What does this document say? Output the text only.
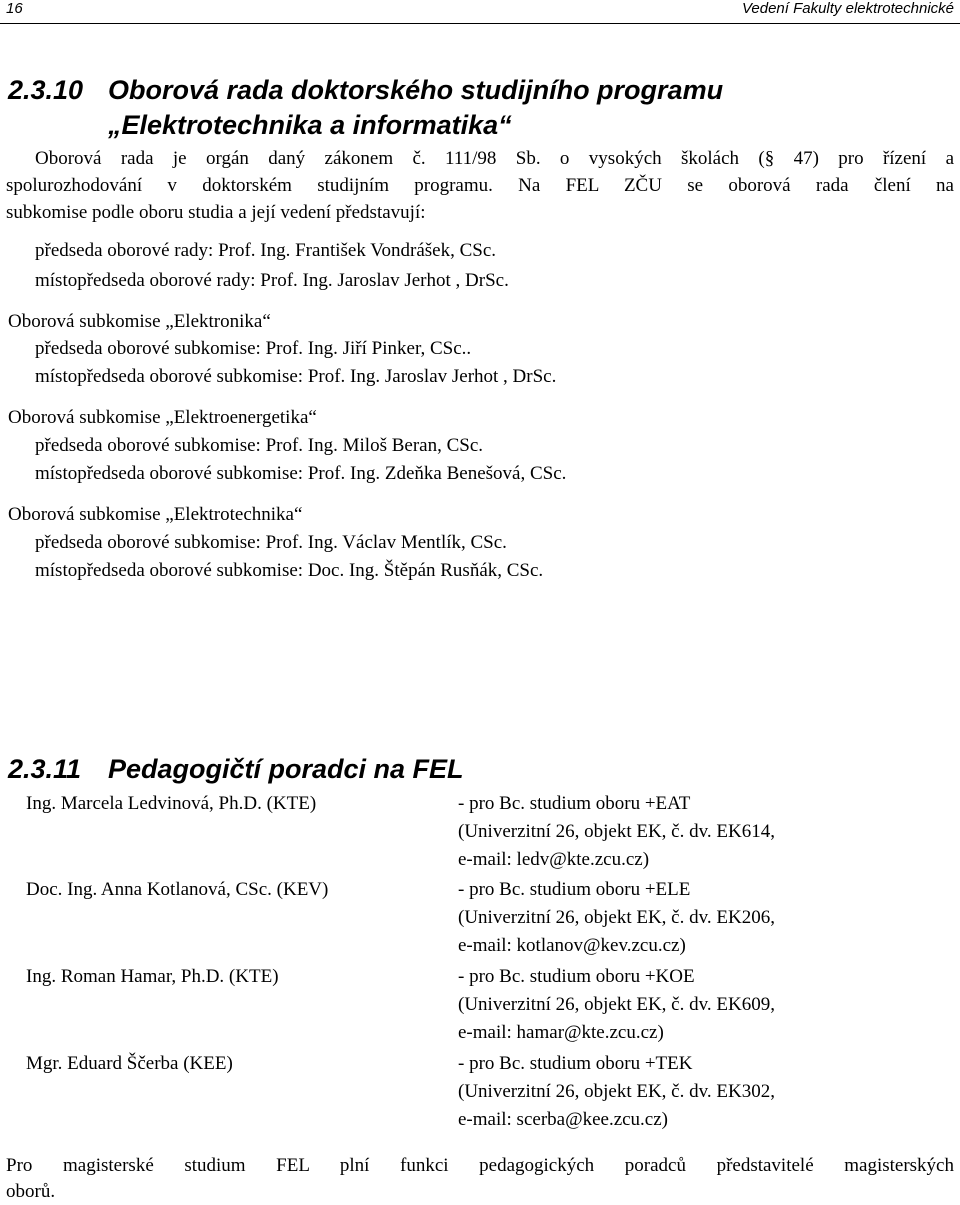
16	Vedení Fakulty elektrotechnické
2.3.10 Oborová rada doktorského studijního programu
„Elektrotechnika a informatika“
Oborová rada je orgán daný zákonem č. 111/98 Sb. o vysokých školách (§ 47) pro řízení a
spolurozhodování v doktorském studijním programu. Na FEL ZČU se oborová rada člení na
subkomise podle oboru studia a její vedení představují:
předseda oborové rady: Prof. Ing. František Vondrášek, CSc.
místopředseda oborové rady: Prof. Ing. Jaroslav Jerhot , DrSc.
Oborová subkomise „Elektronika“
předseda oborové subkomise: Prof. Ing. Jiří Pinker, CSc..
místopředseda oborové subkomise: Prof. Ing. Jaroslav Jerhot , DrSc.
Oborová subkomise „Elektroenergetika“
předseda oborové subkomise: Prof. Ing. Miloš Beran, CSc.
místopředseda oborové subkomise: Prof. Ing. Zdeňka Benešová, CSc.
Oborová subkomise „Elektrotechnika“
předseda oborové subkomise: Prof. Ing. Václav Mentlík, CSc.
místopředseda oborové subkomise: Doc. Ing. Štěpán Rusňák, CSc.
2.3.11 Pedagogičtí poradci na FEL
Ing. Marcela Ledvinová, Ph.D. (KTE)	- pro Bc. studium oboru +EAT
(Univerzitní 26, objekt EK, č. dv. EK614,
e-mail: ledv@kte.zcu.cz)
Doc. Ing. Anna Kotlanová, CSc. (KEV)	- pro Bc. studium oboru +ELE
(Univerzitní 26, objekt EK, č. dv. EK206,
e-mail: kotlanov@kev.zcu.cz)
Ing. Roman Hamar, Ph.D. (KTE)	- pro Bc. studium oboru +KOE
(Univerzitní 26, objekt EK, č. dv. EK609,
e-mail: hamar@kte.zcu.cz)
Mgr. Eduard Ščerba (KEE)	- pro Bc. studium oboru +TEK
(Univerzitní 26, objekt EK, č. dv. EK302,
e-mail: scerba@kee.zcu.cz)
Pro magisterské studium FEL plní funkci pedagogických poradců představitelé magisterských
oborů.
